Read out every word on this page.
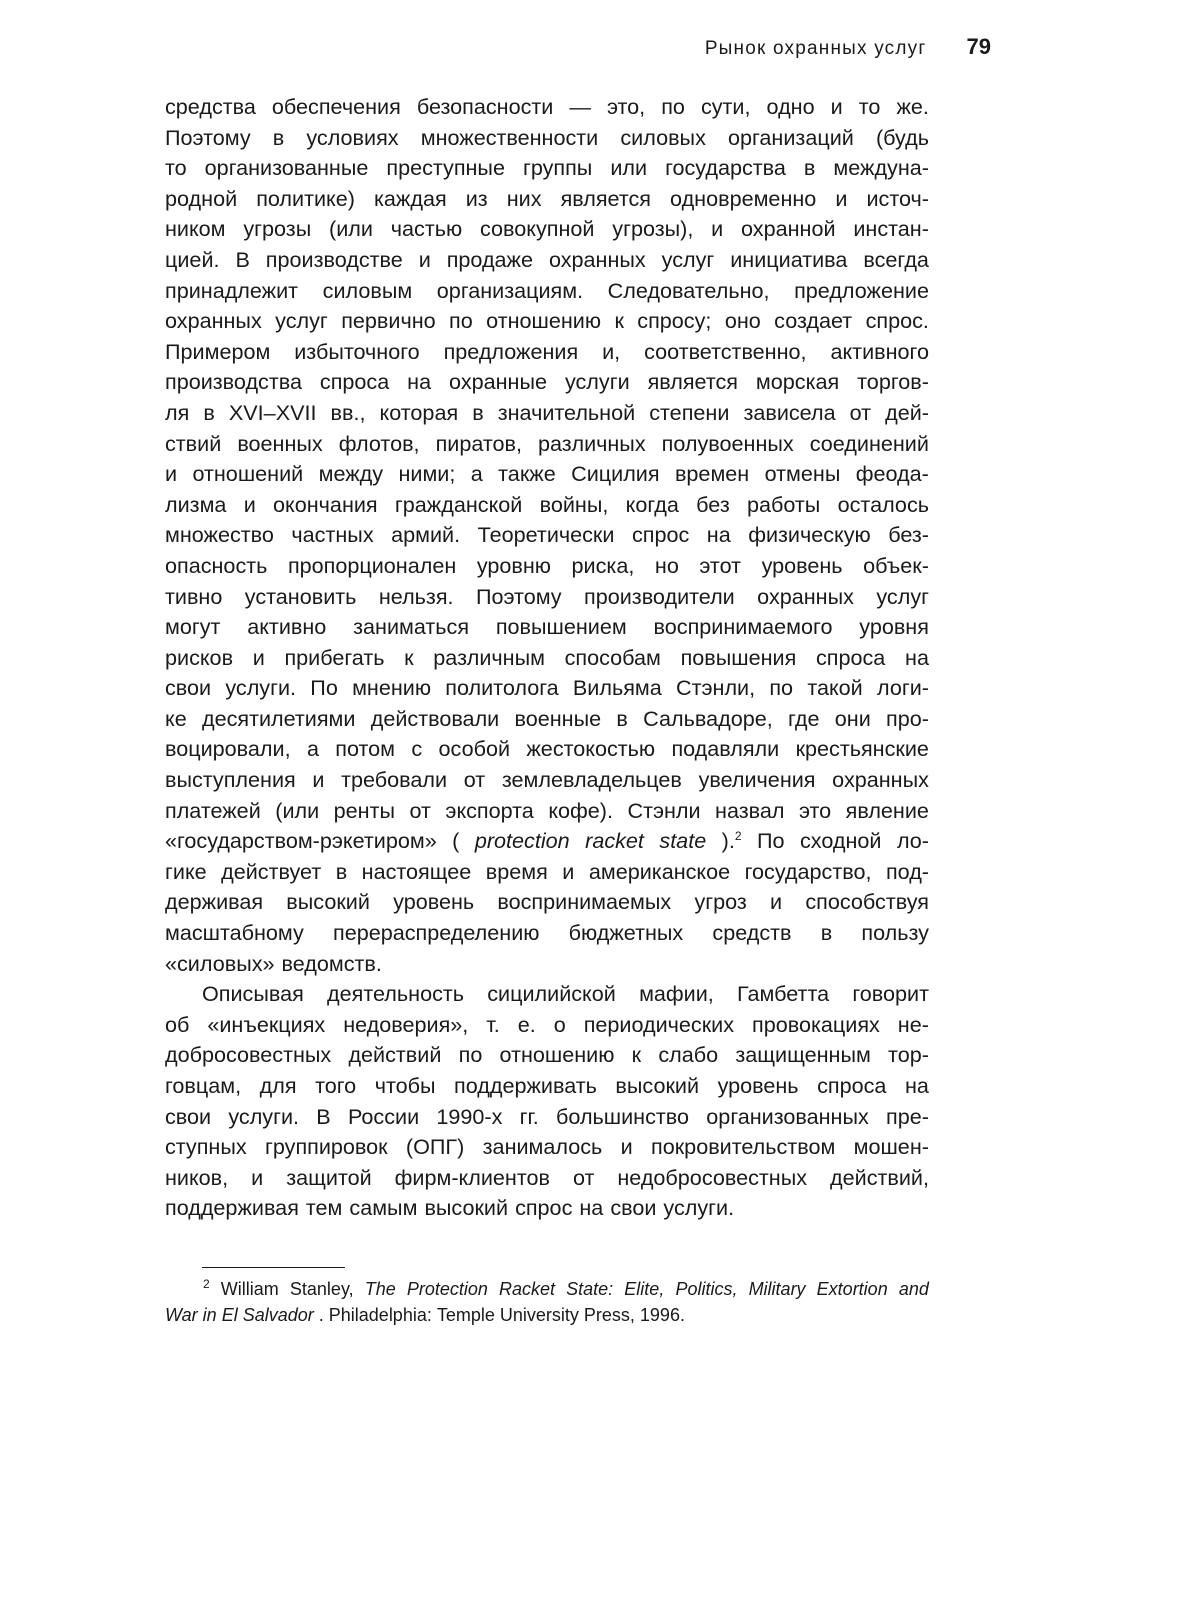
Рынок охранных услуг 79
средства обеспечения безопасности — это, по сути, одно и то же.
Поэтому в условиях множественности силовых организаций (будь
то организованные преступные группы или государства в междуна-
родной политике) каждая из них является одновременно и источ-
ником угрозы (или частью совокупной угрозы), и охранной инстан-
цией. В производстве и продаже охранных услуг инициатива всегда
принадлежит силовым организациям. Следовательно, предложение
охранных услуг первично по отношению к спросу; оно создает спрос.
Примером избыточного предложения и, соответственно, активного
производства спроса на охранные услуги является морская торгов-
ля в XVI–XVII вв., которая в значительной степени зависела от дей-
ствий военных флотов, пиратов, различных полувоенных соединений
и отношений между ними; а также Сицилия времен отмены феода-
лизма и окончания гражданской войны, когда без работы осталось
множество частных армий. Теоретически спрос на физическую без-
опасность пропорционален уровню риска, но этот уровень объек-
тивно установить нельзя. Поэтому производители охранных услуг
могут активно заниматься повышением воспринимаемого уровня
рисков и прибегать к различным способам повышения спроса на
свои услуги. По мнению политолога Вильяма Стэнли, по такой логи-
ке десятилетиями действовали военные в Сальвадоре, где они про-
воцировали, а потом с особой жестокостью подавляли крестьянские
выступления и требовали от землевладельцев увеличения охранных
платежей (или ренты от экспорта кофе). Стэнли назвал это явление
«государством-рэкетиром» ( protection racket state ).$^2$ По сходной ло-
гике действует в настоящее время и американское государство, под-
держивая высокий уровень воспринимаемых угроз и способствуя
масштабному перераспределению бюджетных средств в пользу
«силовых» ведомств.
Описывая деятельность сицилийской мафии, Гамбетта говорит
об «инъекциях недоверия», т. е. о периодических провокациях не-
добросовестных действий по отношению к слабо защищенным тор-
говцам, для того чтобы поддерживать высокий уровень спроса на
свои услуги. В России 1990-х гг. большинство организованных пре-
ступных группировок (ОПГ) занималось и покровительством мошен-
ников, и защитой фирм-клиентов от недобросовестных действий,
поддерживая тем самым высокий спрос на свои услуги.
$^2$ William Stanley, The Protection Racket State: Elite, Politics, Military Extortion and
War in El Salvador . Philadelphia: Temple University Press, 1996.
